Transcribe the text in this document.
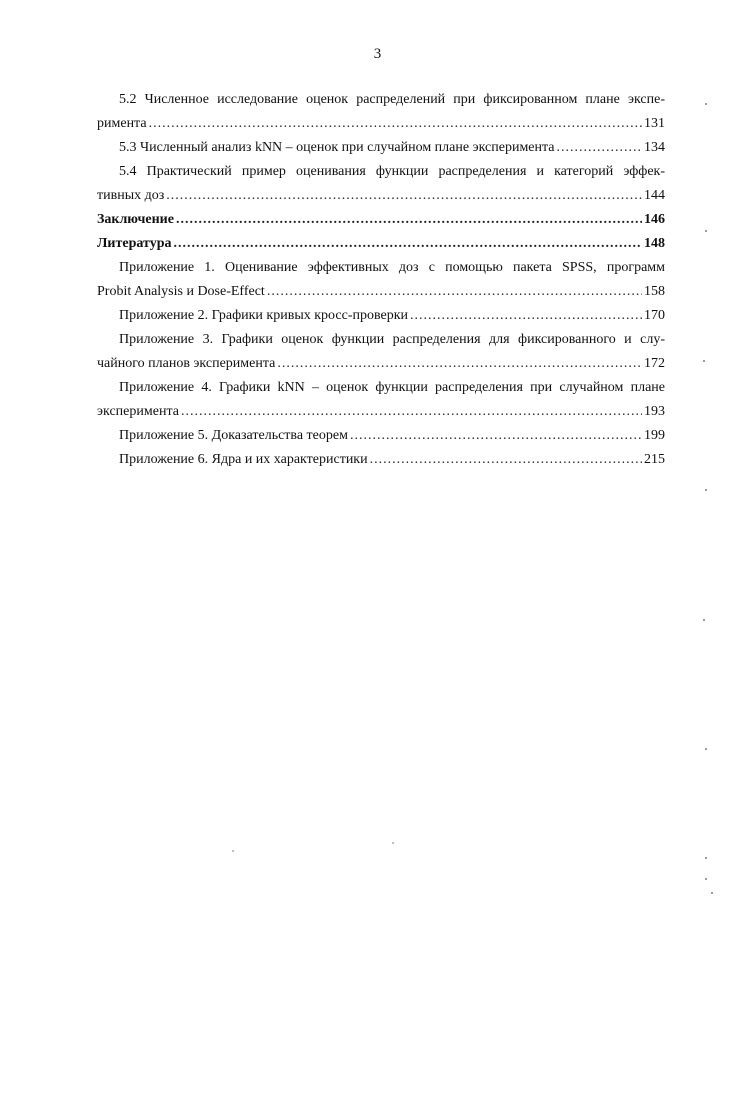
3
5.2 Численное исследование оценок распределений при фиксированном плане экспе-
римента .....	131
5.3 Численный анализ kNN – оценок при случайном плане эксперимента .....	134
5.4 Практический пример оценивания функции распределения и категорий эффек-
тивных доз .....	144
Заключение .....	146
Литература .....	148
Приложение 1. Оценивание эффективных доз с помощью пакета SPSS, программ
Probit Analysis и Dose-Effect .....	158
Приложение 2. Графики кривых кросс-проверки .....	170
Приложение 3. Графики оценок функции распределения для фиксированного и слу-
чайного планов эксперимента .....	172
Приложение 4. Графики kNN – оценок функции распределения при случайном плане
эксперимента .....	193
Приложение 5. Доказательства теорем .....	199
Приложение 6. Ядра и их характеристики .....	215
